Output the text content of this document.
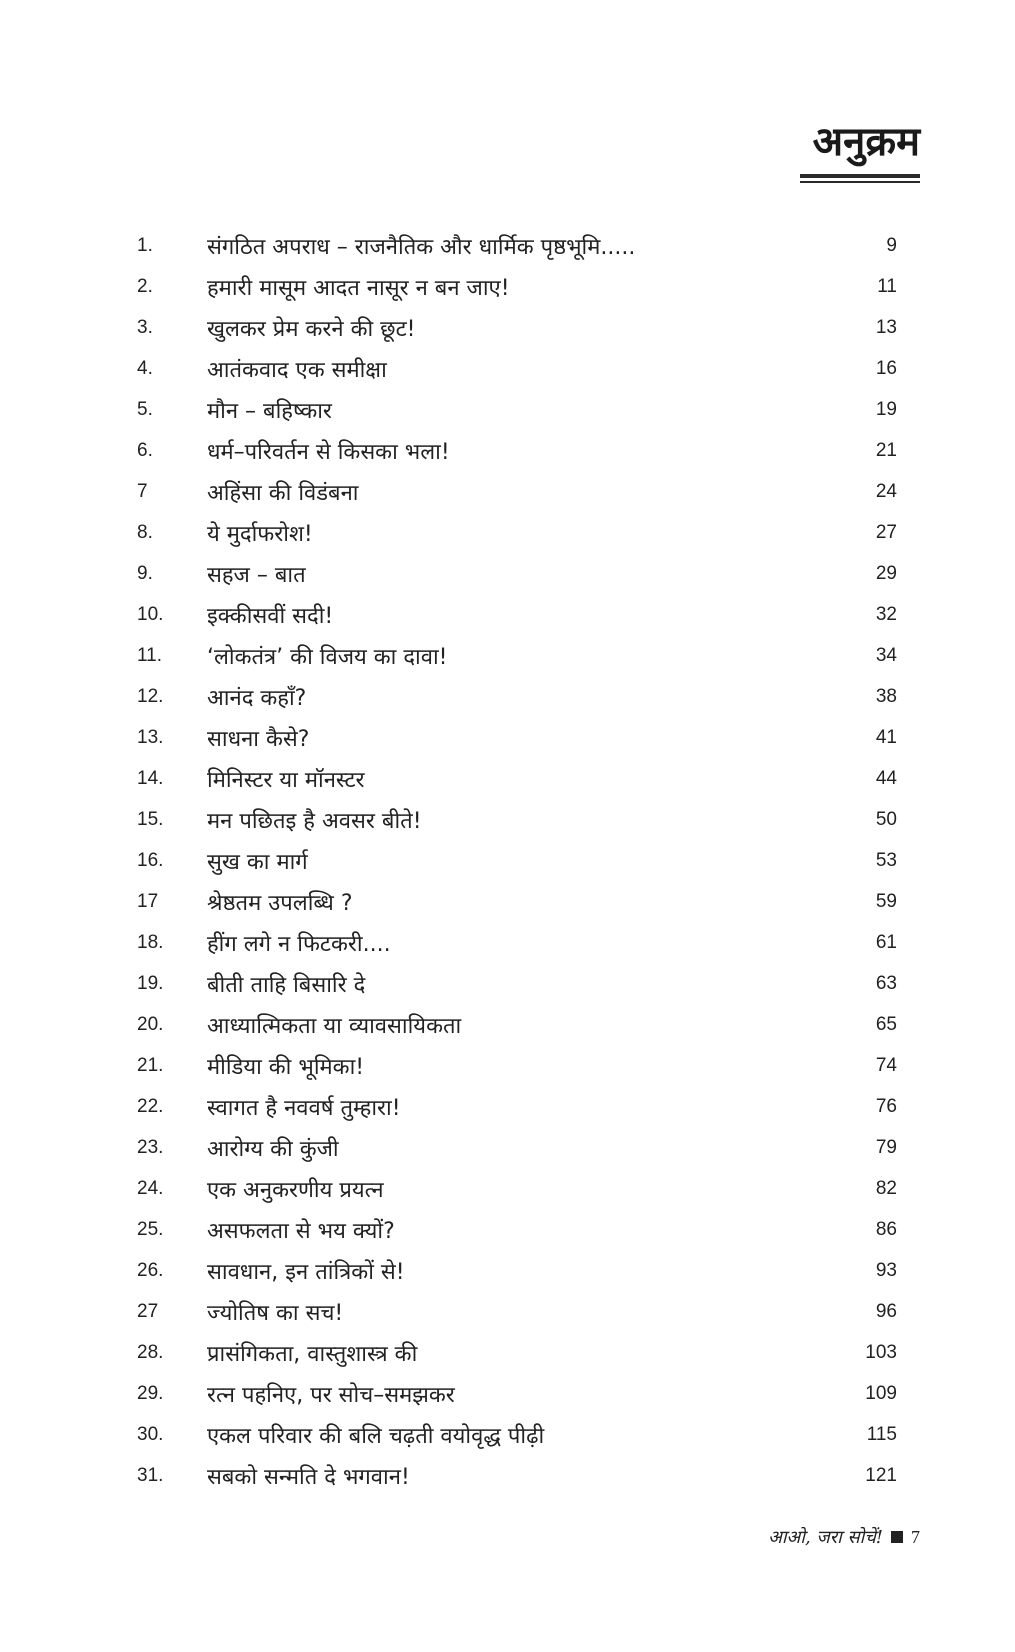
अनुक्रम
1.	संगठित अपराध – राजनैतिक और धार्मिक पृष्ठभूमि.....	9
2.	हमारी मासूम आदत नासूर न बन जाए!	11
3.	खुलकर प्रेम करने की छूट!	13
4.	आतंकवाद एक समीक्षा	16
5.	मौन – बहिष्कार	19
6.	धर्म–परिवर्तन से किसका भला!	21
7	अहिंसा की विडंबना	24
8.	ये मुर्दाफरोश!	27
9.	सहज – बात	29
10.	इक्कीसवीं सदी!	32
11.	‘लोकतंत्र’ की विजय का दावा!	34
12.	आनंद कहाँ?	38
13.	साधना कैसे?	41
14.	मिनिस्टर या मॉनस्टर	44
15.	मन पछितइ है अवसर बीते!	50
16.	सुख का मार्ग	53
17	श्रेष्ठतम उपलब्धि ?	59
18.	हींग लगे न फिटकरी....	61
19.	बीती ताहि बिसारि दे	63
20.	आध्यात्मिकता या व्यावसायिकता	65
21.	मीडिया की भूमिका!	74
22.	स्वागत है नववर्ष तुम्हारा!	76
23.	आरोग्य की कुंजी	79
24.	एक अनुकरणीय प्रयत्न	82
25.	असफलता से भय क्यों?	86
26.	सावधान, इन तांत्रिकों से!	93
27	ज्योतिष का सच!	96
28.	प्रासंगिकता, वास्तुशास्त्र की	103
29.	रत्न पहनिए, पर सोच–समझकर	109
30.	एकल परिवार की बलि चढ़ती वयोवृद्ध पीढ़ी	115
31.	सबको सन्मति दे भगवान!	121
आओ, जरा सोचें! 7
